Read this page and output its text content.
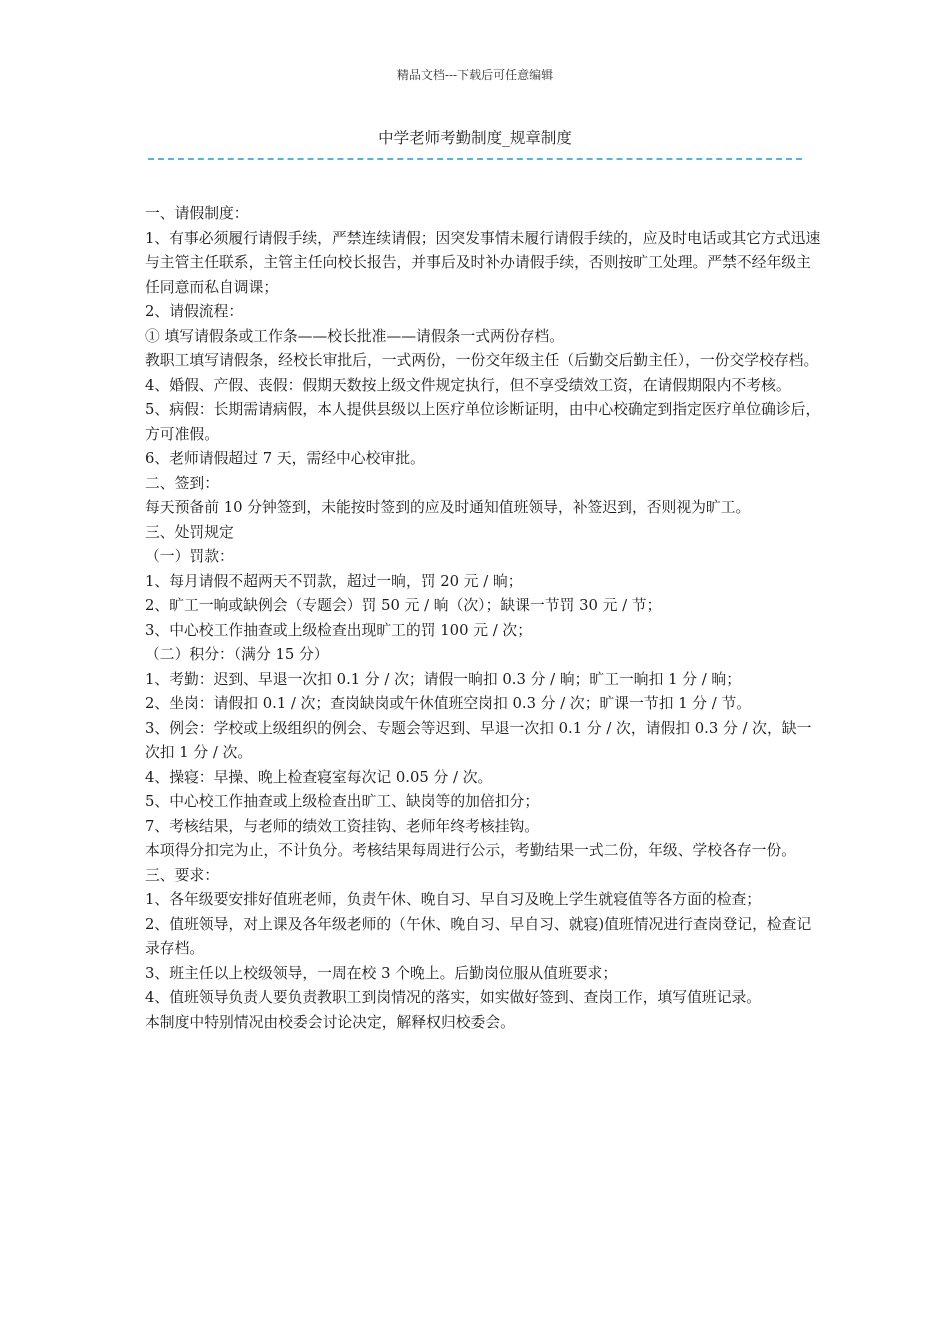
精品文档---下载后可任意编辑
中学老师考勤制度_规章制度

一、请假制度：

1、有事必须履行请假手续，严禁连续请假；因突发事情未履行请假手续的，应及时电话或其它方式迅速与主管主任联系，主管主任向校长报告，并事后及时补办请假手续，否则按旷工处理。严禁不经年级主任同意而私自调课；

2、请假流程：

① 填写请假条或工作条——校长批准——请假条一式两份存档。

教职工填写请假条，经校长审批后，一式两份，一份交年级主任（后勤交后勤主任），一份交学校存档。

4、婚假、产假、丧假：假期天数按上级文件规定执行，但不享受绩效工资，在请假期限内不考核。

5、病假：长期需请病假，本人提供县级以上医疗单位诊断证明，由中心校确定到指定医疗单位确诊后，方可准假。

6、老师请假超过 7 天，需经中心校审批。

二、签到：

每天预备前 10 分钟签到，未能按时签到的应及时通知值班领导，补签迟到，否则视为旷工。

三、处罚规定

（一）罚款：

1、每月请假不超两天不罚款，超过一晌，罚 20 元 / 晌；

2、旷工一晌或缺例会（专题会）罚 50 元 / 晌（次）；缺课一节罚 30 元 / 节；

3、中心校工作抽查或上级检查出现旷工的罚 100 元 / 次；

（二）积分：（满分 15 分）

1、考勤：迟到、早退一次扣 0.1 分 / 次；请假一晌扣 0.3 分 / 晌；旷工一晌扣 1 分 / 晌；

2、坐岗：请假扣 0.1 / 次；查岗缺岗或午休值班空岗扣 0.3 分 / 次；旷课一节扣 1 分 / 节。

3、例会：学校或上级组织的例会、专题会等迟到、早退一次扣 0.1 分 / 次，请假扣 0.3 分 / 次，缺一次扣 1 分 / 次。

4、操寝：早操、晚上检查寝室每次记 0.05 分 / 次。

5、中心校工作抽查或上级检查出旷工、缺岗等的加倍扣分；

7、考核结果，与老师的绩效工资挂钩、老师年终考核挂钩。

本项得分扣完为止，不计负分。考核结果每周进行公示，考勤结果一式二份，年级、学校各存一份。

三、要求：

1、各年级要安排好值班老师，负责午休、晚自习、早自习及晚上学生就寝值等各方面的检查；

2、值班领导，对上课及各年级老师的（午休、晚自习、早自习、就寝)值班情况进行查岗登记，检查记录存档。

3、班主任以上校级领导，一周在校 3 个晚上。后勤岗位服从值班要求；

4、值班领导负责人要负责教职工到岗情况的落实，如实做好签到、查岗工作，填写值班记录。

本制度中特别情况由校委会讨论决定，解释权归校委会。
